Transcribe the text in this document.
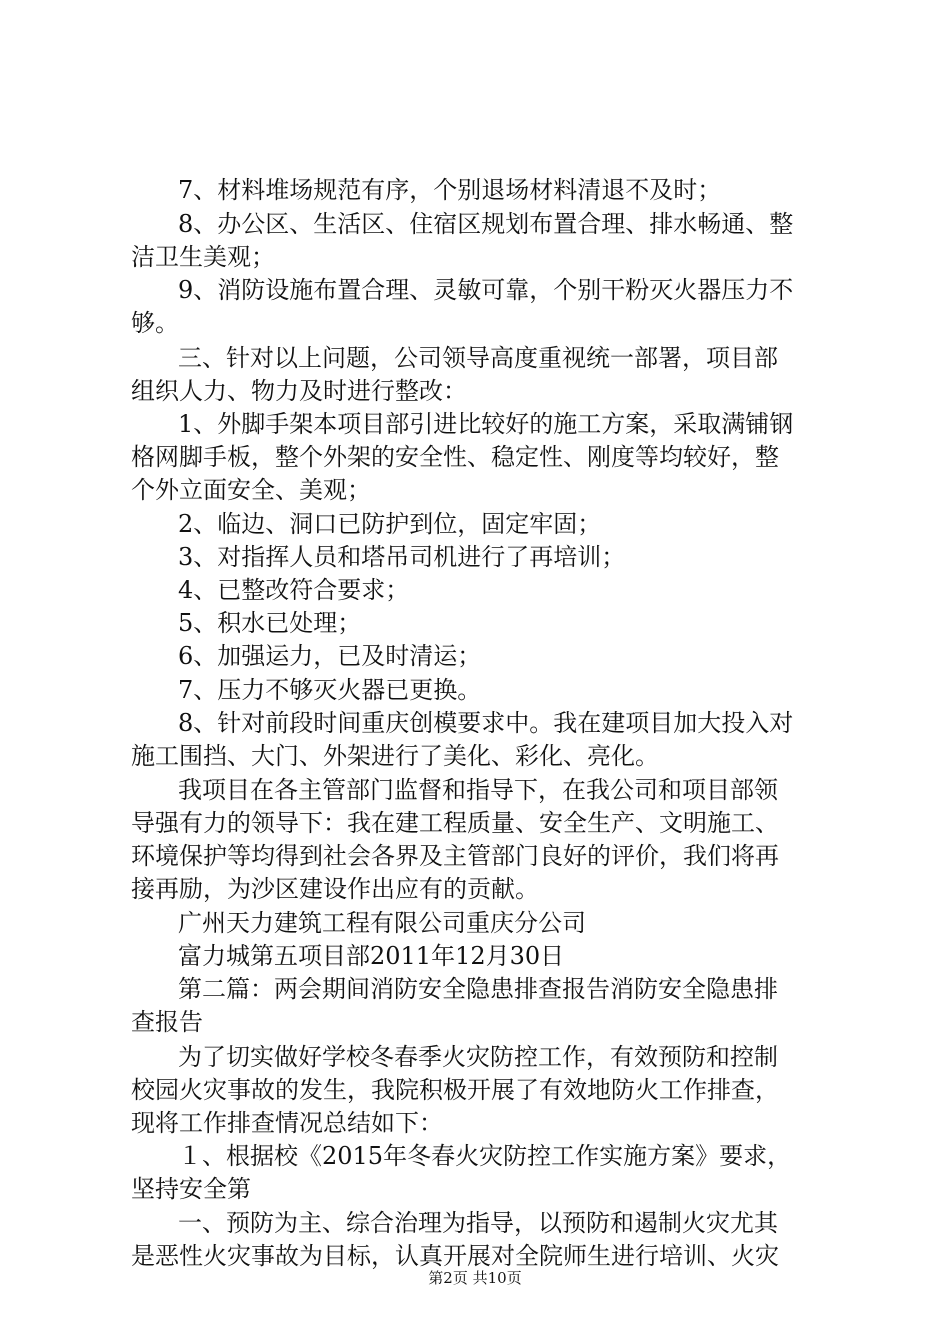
7、材料堆场规范有序，个别退场材料清退不及时；
8、办公区、生活区、住宿区规划布置合理、排水畅通、整
洁卫生美观；
9、消防设施布置合理、灵敏可靠，个别干粉灭火器压力不
够。
三、针对以上问题，公司领导高度重视统一部署，项目部
组织人力、物力及时进行整改：
1、外脚手架本项目部引进比较好的施工方案，采取满铺钢
格网脚手板，整个外架的安全性、稳定性、刚度等均较好，整
个外立面安全、美观；
2、临边、洞口已防护到位，固定牢固；
3、对指挥人员和塔吊司机进行了再培训；
4、已整改符合要求；
5、积水已处理；
6、加强运力，已及时清运；
7、压力不够灭火器已更换。
8、针对前段时间重庆创模要求中。我在建项目加大投入对
施工围挡、大门、外架进行了美化、彩化、亮化。
我项目在各主管部门监督和指导下，在我公司和项目部领
导强有力的领导下：我在建工程质量、安全生产、文明施工、
环境保护等均得到社会各界及主管部门良好的评价，我们将再
接再励，为沙区建设作出应有的贡献。
广州天力建筑工程有限公司重庆分公司
富力城第五项目部2011年12月30日
第二篇：两会期间消防安全隐患排查报告消防安全隐患排
查报告
为了切实做好学校冬春季火灾防控工作，有效预防和控制
校园火灾事故的发生，我院积极开展了有效地防火工作排查，
现将工作排查情况总结如下：
１、根据校《2015年冬春火灾防控工作实施方案》要求，
坚持安全第
一、预防为主、综合治理为指导，以预防和遏制火灾尤其
是恶性火灾事故为目标，认真开展对全院师生进行培训、火灾
第2页 共10页
